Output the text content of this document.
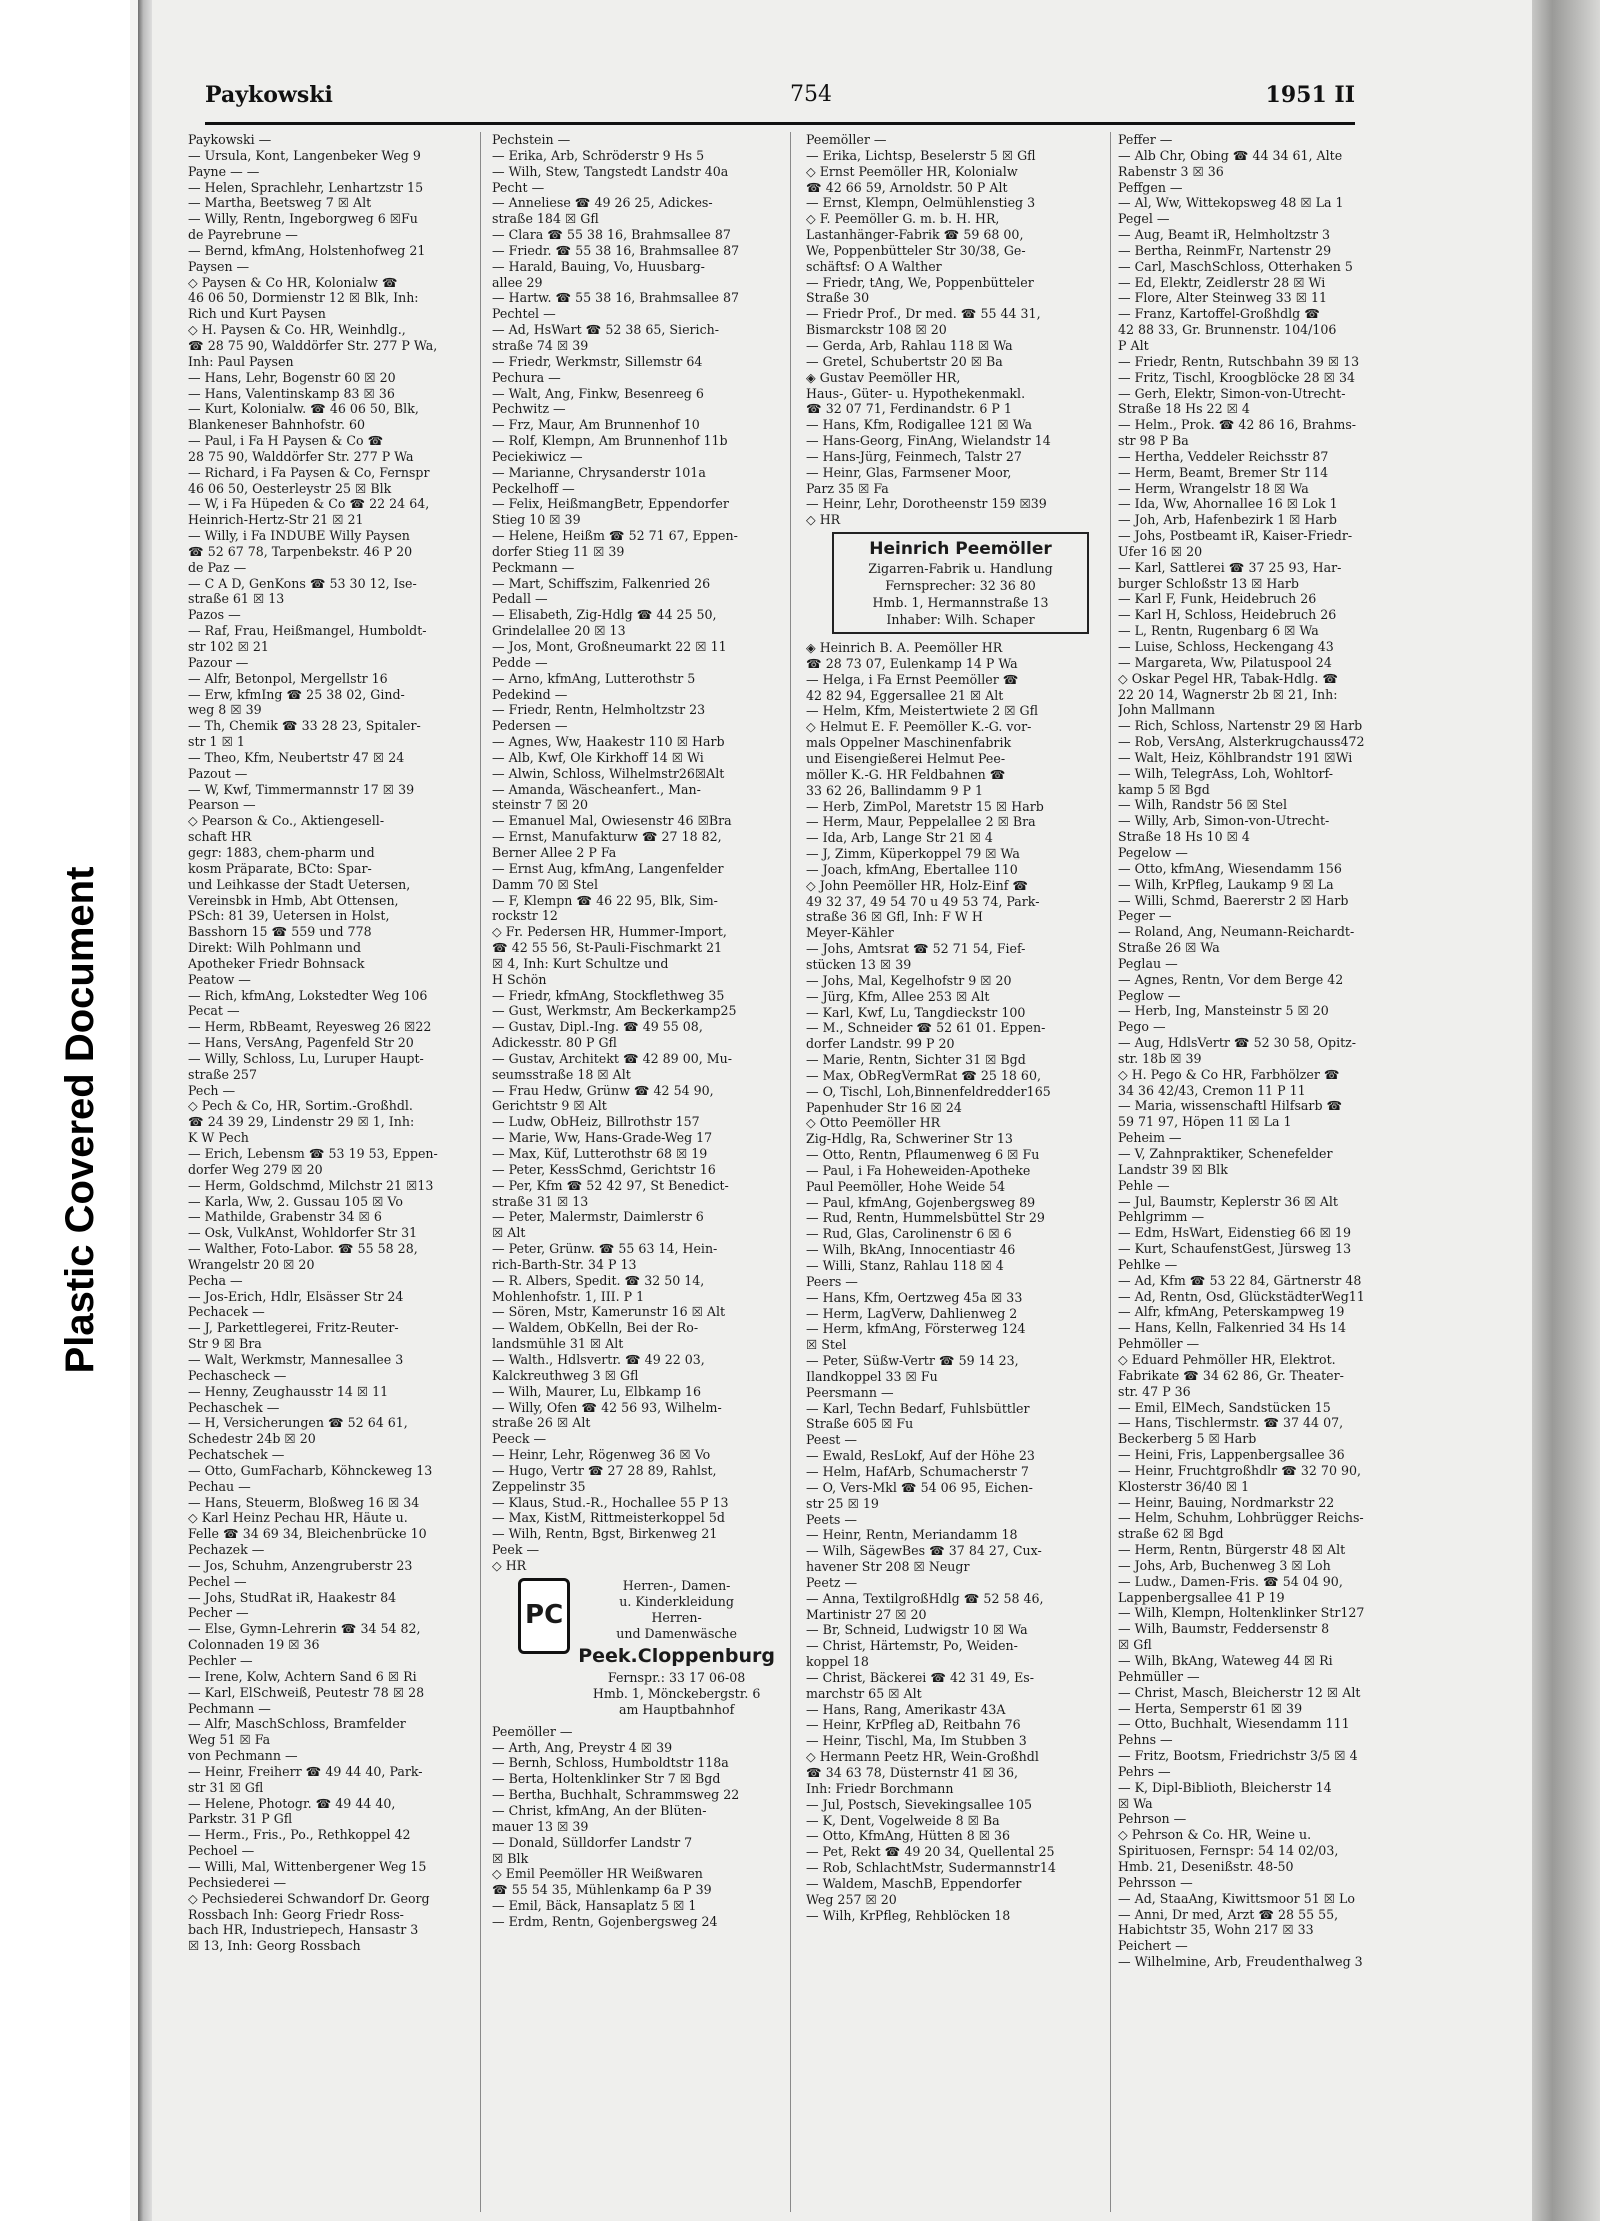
Plastic Covered Document
Paykowski	754	1951 II
Paykowski —
— Ursula, Kont, Langenbeker Weg 9
Payne — —
— Helen, Sprachlehr, Lenhartzstr 15
— Martha, Beetsweg 7 ☒ Alt
— Willy, Rentn, Ingeborgweg 6 ☒Fu
de Payrebrune —
— Bernd, kfmAng, Holstenhofweg 21
Paysen —
◇ Paysen & Co HR, Kolonialw ☎
46 06 50, Dormienstr 12 ☒ Blk, Inh:
Rich und Kurt Paysen
◇ H. Paysen & Co. HR, Weinhdlg.,
☎ 28 75 90, Walddörfer Str. 277 P Wa,
Inh: Paul Paysen
— Hans, Lehr, Bogenstr 60 ☒ 20
— Hans, Valentinskamp 83 ☒ 36
— Kurt, Kolonialw. ☎ 46 06 50, Blk,
Blankeneser Bahnhofstr. 60
— Paul, i Fa H Paysen & Co ☎
28 75 90, Walddörfer Str. 277 P Wa
— Richard, i Fa Paysen & Co, Fernspr
46 06 50, Oesterleystr 25 ☒ Blk
— W, i Fa Hüpeden & Co ☎ 22 24 64,
Heinrich-Hertz-Str 21 ☒ 21
— Willy, i Fa INDUBE Willy Paysen
☎ 52 67 78, Tarpenbekstr. 46 P 20
de Paz —
— C A D, GenKons ☎ 53 30 12, Ise-
straße 61 ☒ 13
Pazos —
— Raf, Frau, Heißmangel, Humboldt-
str 102 ☒ 21
Pazour —
— Alfr, Betonpol, Mergellstr 16
— Erw, kfmIng ☎ 25 38 02, Gind-
weg 8 ☒ 39
— Th, Chemik ☎ 33 28 23, Spitaler-
str 1 ☒ 1
— Theo, Kfm, Neubertstr 47 ☒ 24
Pazout —
— W, Kwf, Timmermannstr 17 ☒ 39
Pearson —
◇ Pearson & Co., Aktiengesell-
schaft HR
gegr: 1883, chem-pharm und
kosm Präparate, BCto: Spar-
und Leihkasse der Stadt Uetersen,
Vereinsbk in Hmb, Abt Ottensen,
PSch: 81 39, Uetersen in Holst,
Basshorn 15 ☎ 559 und 778
Direkt: Wilh Pohlmann und
Apotheker Friedr Bohnsack
Peatow —
— Rich, kfmAng, Lokstedter Weg 106
Pecat —
— Herm, RbBeamt, Reyesweg 26 ☒22
— Hans, VersAng, Pagenfeld Str 20
— Willy, Schloss, Lu, Luruper Haupt-
straße 257
Pech —
◇ Pech & Co, HR, Sortim.-Großhdl.
☎ 24 39 29, Lindenstr 29 ☒ 1, Inh:
K W Pech
— Erich, Lebensm ☎ 53 19 53, Eppen-
dorfer Weg 279 ☒ 20
— Herm, Goldschmd, Milchstr 21 ☒13
— Karla, Ww, 2. Gussau 105 ☒ Vo
— Mathilde, Grabenstr 34 ☒ 6
— Osk, VulkAnst, Wohldorfer Str 31
— Walther, Foto-Labor. ☎ 55 58 28,
Wrangelstr 20 ☒ 20
Pecha —
— Jos-Erich, Hdlr, Elsässer Str 24
Pechacek —
— J, Parkettlegerei, Fritz-Reuter-
Str 9 ☒ Bra
— Walt, Werkmstr, Mannesallee 3
Pechascheck —
— Henny, Zeughausstr 14 ☒ 11
Pechaschek —
— H, Versicherungen ☎ 52 64 61,
Schedestr 24b ☒ 20
Pechatschek —
— Otto, GumFacharb, Köhnckeweg 13
Pechau —
— Hans, Steuerm, Bloßweg 16 ☒ 34
◇ Karl Heinz Pechau HR, Häute u.
Felle ☎ 34 69 34, Bleichenbrücke 10
Pechazek —
— Jos, Schuhm, Anzengruberstr 23
Pechel —
— Johs, StudRat iR, Haakestr 84
Pecher —
— Else, Gymn-Lehrerin ☎ 34 54 82,
Colonnaden 19 ☒ 36
Pechler —
— Irene, Kolw, Achtern Sand 6 ☒ Ri
— Karl, ElSchweiß, Peutestr 78 ☒ 28
Pechmann —
— Alfr, MaschSchloss, Bramfelder
Weg 51 ☒ Fa
von Pechmann —
— Heinr, Freiherr ☎ 49 44 40, Park-
str 31 ☒ Gfl
— Helene, Photogr. ☎ 49 44 40,
Parkstr. 31 P Gfl
— Herm., Fris., Po., Rethkoppel 42
Pechoel —
— Willi, Mal, Wittenbergener Weg 15
Pechsiederei —
◇ Pechsiederei Schwandorf Dr. Georg
Rossbach Inh: Georg Friedr Ross-
bach HR, Industriepech, Hansastr 3
☒ 13, Inh: Georg Rossbach
Pechstein —
— Erika, Arb, Schröderstr 9 Hs 5
— Wilh, Stew, Tangstedt Landstr 40a
Pecht —
— Anneliese ☎ 49 26 25, Adickes-
straße 184 ☒ Gfl
— Clara ☎ 55 38 16, Brahmsallee 87
— Friedr. ☎ 55 38 16, Brahmsallee 87
— Harald, Bauing, Vo, Huusbarg-
allee 29
— Hartw. ☎ 55 38 16, Brahmsallee 87
Pechtel —
— Ad, HsWart ☎ 52 38 65, Sierich-
straße 74 ☒ 39
— Friedr, Werkmstr, Sillemstr 64
Pechura —
— Walt, Ang, Finkw, Besenreeg 6
Pechwitz —
— Frz, Maur, Am Brunnenhof 10
— Rolf, Klempn, Am Brunnenhof 11b
Peciekiwicz —
— Marianne, Chrysanderstr 101a
Peckelhoff —
— Felix, HeißmangBetr, Eppendorfer
Stieg 10 ☒ 39
— Helene, Heißm ☎ 52 71 67, Eppen-
dorfer Stieg 11 ☒ 39
Peckmann —
— Mart, Schiffszim, Falkenried 26
Pedall —
— Elisabeth, Zig-Hdlg ☎ 44 25 50,
Grindelallee 20 ☒ 13
— Jos, Mont, Großneumarkt 22 ☒ 11
Pedde —
— Arno, kfmAng, Lutterothstr 5
Pedekind —
— Friedr, Rentn, Helmholtzstr 23
Pedersen —
— Agnes, Ww, Haakestr 110 ☒ Harb
— Alb, Kwf, Ole Kirkhoff 14 ☒ Wi
— Alwin, Schloss, Wilhelmstr26☒Alt
— Amanda, Wäscheanfert., Man-
steinstr 7 ☒ 20
— Emanuel Mal, Owiesenstr 46 ☒Bra
— Ernst, Manufakturw ☎ 27 18 82,
Berner Allee 2 P Fa
— Ernst Aug, kfmAng, Langenfelder
Damm 70 ☒ Stel
— F, Klempn ☎ 46 22 95, Blk, Sim-
rockstr 12
◇ Fr. Pedersen HR, Hummer-Import,
☎ 42 55 56, St-Pauli-Fischmarkt 21
☒ 4, Inh: Kurt Schultze und
H Schön
— Friedr, kfmAng, Stockflethweg 35
— Gust, Werkmstr, Am Beckerkamp25
— Gustav, Dipl.-Ing. ☎ 49 55 08,
Adickesstr. 80 P Gfl
— Gustav, Architekt ☎ 42 89 00, Mu-
seumsstraße 18 ☒ Alt
— Frau Hedw, Grünw ☎ 42 54 90,
Gerichtstr 9 ☒ Alt
— Ludw, ObHeiz, Billrothstr 157
— Marie, Ww, Hans-Grade-Weg 17
— Max, Küf, Lutterothstr 68 ☒ 19
— Peter, KessSchmd, Gerichtstr 16
— Per, Kfm ☎ 52 42 97, St Benedict-
straße 31 ☒ 13
— Peter, Malermstr, Daimlerstr 6
☒ Alt
— Peter, Grünw. ☎ 55 63 14, Hein-
rich-Barth-Str. 34 P 13
— R. Albers, Spedit. ☎ 32 50 14,
Mohlenhofstr. 1, III. P 1
— Sören, Mstr, Kamerunstr 16 ☒ Alt
— Waldem, ObKelln, Bei der Ro-
landsmühle 31 ☒ Alt
— Walth., Hdlsvertr. ☎ 49 22 03,
Kalckreuthweg 3 ☒ Gfl
— Wilh, Maurer, Lu, Elbkamp 16
— Willy, Ofen ☎ 42 56 93, Wilhelm-
straße 26 ☒ Alt
Peeck —
— Heinr, Lehr, Rögenweg 36 ☒ Vo
— Hugo, Vertr ☎ 27 28 89, Rahlst,
Zeppelinstr 35
— Klaus, Stud.-R., Hochallee 55 P 13
— Max, KistM, Rittmeisterkoppel 5d
— Wilh, Rentn, Bgst, Birkenweg 21
Peek —
◇ HR
PC
Herren-, Damen-
u. Kinderkleidung
Herren-
und Damenwäsche
Peek.Cloppenburg
Fernspr.: 33 17 06-08
Hmb. 1, Mönckebergstr. 6
am Hauptbahnhof
Peemöller —
— Arth, Ang, Preystr 4 ☒ 39
— Bernh, Schloss, Humboldtstr 118a
— Berta, Holtenklinker Str 7 ☒ Bgd
— Bertha, Buchhalt, Schrammsweg 22
— Christ, kfmAng, An der Blüten-
mauer 13 ☒ 39
— Donald, Sülldorfer Landstr 7
☒ Blk
◇ Emil Peemöller HR Weißwaren
☎ 55 54 35, Mühlenkamp 6a P 39
— Emil, Bäck, Hansaplatz 5 ☒ 1
— Erdm, Rentn, Gojenbergsweg 24
Peemöller —
— Erika, Lichtsp, Beselerstr 5 ☒ Gfl
◇ Ernst Peemöller HR, Kolonialw
☎ 42 66 59, Arnoldstr. 50 P Alt
— Ernst, Klempn, Oelmühlenstieg 3
◇ F. Peemöller G. m. b. H. HR,
Lastanhänger-Fabrik ☎ 59 68 00,
We, Poppenbütteler Str 30/38, Ge-
schäftsf: O A Walther
— Friedr, tAng, We, Poppenbütteler
Straße 30
— Friedr Prof., Dr med. ☎ 55 44 31,
Bismarckstr 108 ☒ 20
— Gerda, Arb, Rahlau 118 ☒ Wa
— Gretel, Schubertstr 20 ☒ Ba
◈ Gustav Peemöller HR,
Haus-, Güter- u. Hypothekenmakl.
☎ 32 07 71, Ferdinandstr. 6 P 1
— Hans, Kfm, Rodigallee 121 ☒ Wa
— Hans-Georg, FinAng, Wielandstr 14
— Hans-Jürg, Feinmech, Talstr 27
— Heinr, Glas, Farmsener Moor,
Parz 35 ☒ Fa
— Heinr, Lehr, Dorotheenstr 159 ☒39
◇ HR
Heinrich Peemöller
Zigarren-Fabrik u. Handlung
Fernsprecher: 32 36 80
Hmb. 1, Hermannstraße 13
Inhaber: Wilh. Schaper
◈ Heinrich B. A. Peemöller HR
☎ 28 73 07, Eulenkamp 14 P Wa
— Helga, i Fa Ernst Peemöller ☎
42 82 94, Eggersallee 21 ☒ Alt
— Helm, Kfm, Meistertwiete 2 ☒ Gfl
◇ Helmut E. F. Peemöller K.-G. vor-
mals Oppelner Maschinenfabrik
und Eisengießerei Helmut Pee-
möller K.-G. HR Feldbahnen ☎
33 62 26, Ballindamm 9 P 1
— Herb, ZimPol, Maretstr 15 ☒ Harb
— Herm, Maur, Peppelallee 2 ☒ Bra
— Ida, Arb, Lange Str 21 ☒ 4
— J, Zimm, Küperkoppel 79 ☒ Wa
— Joach, kfmAng, Ebertallee 110
◇ John Peemöller HR, Holz-Einf ☎
49 32 37, 49 54 70 u 49 53 74, Park-
straße 36 ☒ Gfl, Inh: F W H
Meyer-Kähler
— Johs, Amtsrat ☎ 52 71 54, Fief-
stücken 13 ☒ 39
— Johs, Mal, Kegelhofstr 9 ☒ 20
— Jürg, Kfm, Allee 253 ☒ Alt
— Karl, Kwf, Lu, Tangdieckstr 100
— M., Schneider ☎ 52 61 01. Eppen-
dorfer Landstr. 99 P 20
— Marie, Rentn, Sichter 31 ☒ Bgd
— Max, ObRegVermRat ☎ 25 18 60,
— O, Tischl, Loh,Binnenfeldredder165
Papenhuder Str 16 ☒ 24
◇ Otto Peemöller HR
Zig-Hdlg, Ra, Schweriner Str 13
— Otto, Rentn, Pflaumenweg 6 ☒ Fu
— Paul, i Fa Hoheweiden-Apotheke
Paul Peemöller, Hohe Weide 54
— Paul, kfmAng, Gojenbergsweg 89
— Rud, Rentn, Hummelsbüttel Str 29
— Rud, Glas, Carolinenstr 6 ☒ 6
— Wilh, BkAng, Innocentiastr 46
— Willi, Stanz, Rahlau 118 ☒ 4
Peers —
— Hans, Kfm, Oertzweg 45a ☒ 33
— Herm, LagVerw, Dahlienweg 2
— Herm, kfmAng, Försterweg 124
☒ Stel
— Peter, Süßw-Vertr ☎ 59 14 23,
Ilandkoppel 33 ☒ Fu
Peersmann —
— Karl, Techn Bedarf, Fuhlsbüttler
Straße 605 ☒ Fu
Peest —
— Ewald, ResLokf, Auf der Höhe 23
— Helm, HafArb, Schumacherstr 7
— O, Vers-Mkl ☎ 54 06 95, Eichen-
str 25 ☒ 19
Peets —
— Heinr, Rentn, Meriandamm 18
— Wilh, SägewBes ☎ 37 84 27, Cux-
havener Str 208 ☒ Neugr
Peetz —
— Anna, TextilgroßHdlg ☎ 52 58 46,
Martinistr 27 ☒ 20
— Br, Schneid, Ludwigstr 10 ☒ Wa
— Christ, Härtemstr, Po, Weiden-
koppel 18
— Christ, Bäckerei ☎ 42 31 49, Es-
marchstr 65 ☒ Alt
— Hans, Rang, Amerikastr 43A
— Heinr, KrPfleg aD, Reitbahn 76
— Heinr, Tischl, Ma, Im Stubben 3
◇ Hermann Peetz HR, Wein-Großhdl
☎ 34 63 78, Düsternstr 41 ☒ 36,
Inh: Friedr Borchmann
— Jul, Postsch, Sievekingsallee 105
— K, Dent, Vogelweide 8 ☒ Ba
— Otto, KfmAng, Hütten 8 ☒ 36
— Pet, Rekt ☎ 49 20 34, Quellental 25
— Rob, SchlachtMstr, Sudermannstr14
— Waldem, MaschB, Eppendorfer
Weg 257 ☒ 20
— Wilh, KrPfleg, Rehblöcken 18
Peffer —
— Alb Chr, Obing ☎ 44 34 61, Alte
Rabenstr 3 ☒ 36
Peffgen —
— Al, Ww, Wittekopsweg 48 ☒ La 1
Pegel —
— Aug, Beamt iR, Helmholtzstr 3
— Bertha, ReinmFr, Nartenstr 29
— Carl, MaschSchloss, Otterhaken 5
— Ed, Elektr, Zeidlerstr 28 ☒ Wi
— Flore, Alter Steinweg 33 ☒ 11
— Franz, Kartoffel-Großhdlg ☎
42 88 33, Gr. Brunnenstr. 104/106
P Alt
— Friedr, Rentn, Rutschbahn 39 ☒ 13
— Fritz, Tischl, Kroogblöcke 28 ☒ 34
— Gerh, Elektr, Simon-von-Utrecht-
Straße 18 Hs 22 ☒ 4
— Helm., Prok. ☎ 42 86 16, Brahms-
str 98 P Ba
— Hertha, Veddeler Reichsstr 87
— Herm, Beamt, Bremer Str 114
— Herm, Wrangelstr 18 ☒ Wa
— Ida, Ww, Ahornallee 16 ☒ Lok 1
— Joh, Arb, Hafenbezirk 1 ☒ Harb
— Johs, Postbeamt iR, Kaiser-Friedr-
Ufer 16 ☒ 20
— Karl, Sattlerei ☎ 37 25 93, Har-
burger Schloßstr 13 ☒ Harb
— Karl F, Funk, Heidebruch 26
— Karl H, Schloss, Heidebruch 26
— L, Rentn, Rugenbarg 6 ☒ Wa
— Luise, Schloss, Heckengang 43
— Margareta, Ww, Pilatuspool 24
◇ Oskar Pegel HR, Tabak-Hdlg. ☎
22 20 14, Wagnerstr 2b ☒ 21, Inh:
John Mallmann
— Rich, Schloss, Nartenstr 29 ☒ Harb
— Rob, VersAng, Alsterkrugchauss472
— Walt, Heiz, Köhlbrandstr 191 ☒Wi
— Wilh, TelegrAss, Loh, Wohltorf-
kamp 5 ☒ Bgd
— Wilh, Randstr 56 ☒ Stel
— Willy, Arb, Simon-von-Utrecht-
Straße 18 Hs 10 ☒ 4
Pegelow —
— Otto, kfmAng, Wiesendamm 156
— Wilh, KrPfleg, Laukamp 9 ☒ La
— Willi, Schmd, Baererstr 2 ☒ Harb
Peger —
— Roland, Ang, Neumann-Reichardt-
Straße 26 ☒ Wa
Peglau —
— Agnes, Rentn, Vor dem Berge 42
Peglow —
— Herb, Ing, Mansteinstr 5 ☒ 20
Pego —
— Aug, HdlsVertr ☎ 52 30 58, Opitz-
str. 18b ☒ 39
◇ H. Pego & Co HR, Farbhölzer ☎
34 36 42/43, Cremon 11 P 11
— Maria, wissenschaftl Hilfsarb ☎
59 71 97, Höpen 11 ☒ La 1
Peheim —
— V, Zahnpraktiker, Schenefelder
Landstr 39 ☒ Blk
Pehle —
— Jul, Baumstr, Keplerstr 36 ☒ Alt
Pehlgrimm —
— Edm, HsWart, Eidenstieg 66 ☒ 19
— Kurt, SchaufenstGest, Jürsweg 13
Pehlke —
— Ad, Kfm ☎ 53 22 84, Gärtnerstr 48
— Ad, Rentn, Osd, GlückstädterWeg11
— Alfr, kfmAng, Peterskampweg 19
— Hans, Kelln, Falkenried 34 Hs 14
Pehmöller —
◇ Eduard Pehmöller HR, Elektrot.
Fabrikate ☎ 34 62 86, Gr. Theater-
str. 47 P 36
— Emil, ElMech, Sandstücken 15
— Hans, Tischlermstr. ☎ 37 44 07,
Beckerberg 5 ☒ Harb
— Heini, Fris, Lappenbergsallee 36
— Heinr, Fruchtgroßhdlr ☎ 32 70 90,
Klosterstr 36/40 ☒ 1
— Heinr, Bauing, Nordmarkstr 22
— Helm, Schuhm, Lohbrügger Reichs-
straße 62 ☒ Bgd
— Herm, Rentn, Bürgerstr 48 ☒ Alt
— Johs, Arb, Buchenweg 3 ☒ Loh
— Ludw., Damen-Fris. ☎ 54 04 90,
Lappenbergsallee 41 P 19
— Wilh, Klempn, Holtenklinker Str127
— Wilh, Baumstr, Feddersenstr 8
☒ Gfl
— Wilh, BkAng, Wateweg 44 ☒ Ri
Pehmüller —
— Christ, Masch, Bleicherstr 12 ☒ Alt
— Herta, Semperstr 61 ☒ 39
— Otto, Buchhalt, Wiesendamm 111
Pehns —
— Fritz, Bootsm, Friedrichstr 3/5 ☒ 4
Pehrs —
— K, Dipl-Biblioth, Bleicherstr 14
☒ Wa
Pehrson —
◇ Pehrson & Co. HR, Weine u.
Spirituosen, Fernspr: 54 14 02/03,
Hmb. 21, Desenißstr. 48-50
Pehrsson —
— Ad, StaaAng, Kiwittsmoor 51 ☒ Lo
— Anni, Dr med, Arzt ☎ 28 55 55,
Habichtstr 35, Wohn 217 ☒ 33
Peichert —
— Wilhelmine, Arb, Freudenthalweg 3
